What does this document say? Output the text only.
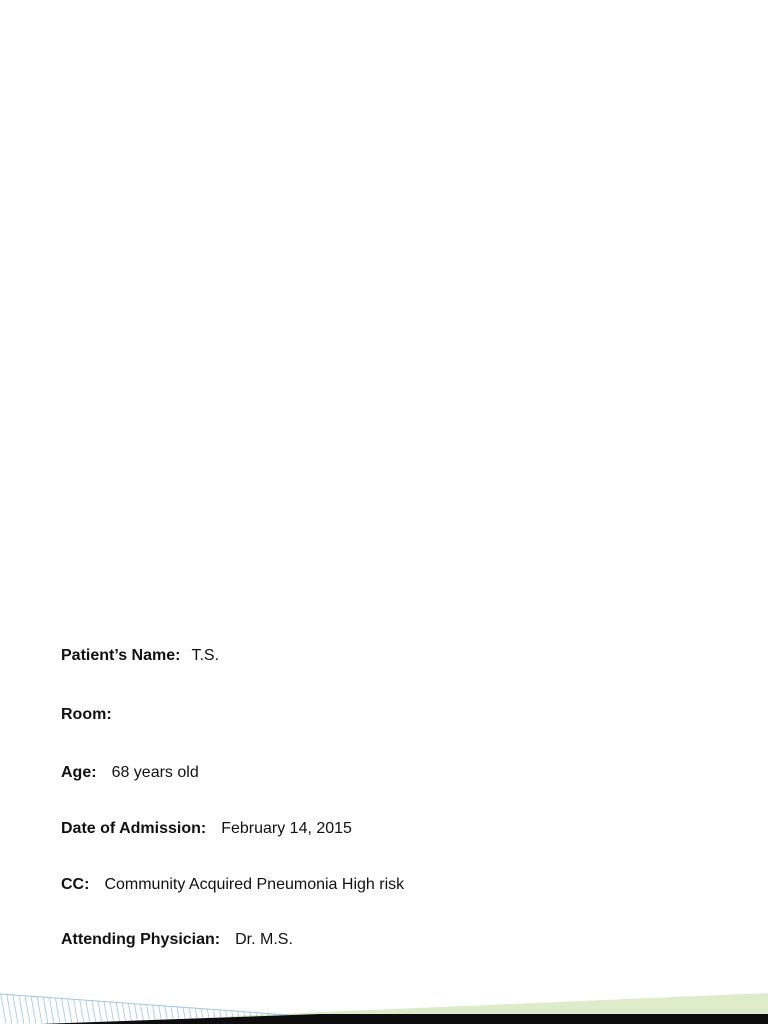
Patient’s Name: T.S.
Room:
Age: 68 years old
Date of Admission: February 14, 2015
CC: Community Acquired Pneumonia High risk
Attending Physician: Dr. M.S.
